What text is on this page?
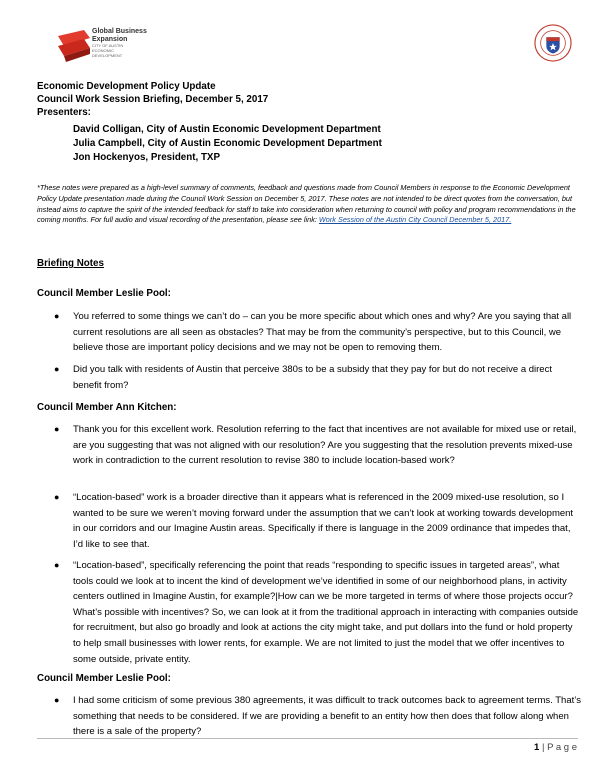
Global Business
Expansion
CITY OF AUSTIN
ECONOMIC
DEVELOPMENT
Economic Development Policy Update
Council Work Session Briefing, December 5, 2017
Presenters:
David Colligan, City of Austin Economic Development Department
Julia Campbell, City of Austin Economic Development Department
Jon Hockenyos, President, TXP
*These notes were prepared as a high-level summary of comments, feedback and questions made from Council Members in response to the Economic Development Policy Update presentation made during the Council Work Session on December 5, 2017. These notes are not intended to be direct quotes from the conversation, but instead aims to capture the spirit of the intended feedback for staff to take into consideration when returning to council with policy and program recommendations in the coming months. For full audio and visual recording of the presentation, please see link: Work Session of the Austin City Council December 5, 2017.
Briefing Notes
Council Member Leslie Pool:
● You referred to some things we can’t do – can you be more specific about which ones and why? Are you saying that all current resolutions are all seen as obstacles? That may be from the community’s perspective, but to this Council, we believe those are important policy decisions and we may not be open to removing them.
● Did you talk with residents of Austin that perceive 380s to be a subsidy that they pay for but do not receive a direct benefit from?
Council Member Ann Kitchen:
● Thank you for this excellent work. Resolution referring to the fact that incentives are not available for mixed use or retail, are you suggesting that was not aligned with our resolution? Are you suggesting that the resolution prevents mixed-use work in contradiction to the current resolution to revise 380 to include location-based work?
● “Location-based” work is a broader directive than it appears what is referenced in the 2009 mixed-use resolution, so I wanted to be sure we weren’t moving forward under the assumption that we can’t look at working towards development in our corridors and our Imagine Austin areas. Specifically if there is language in the 2009 ordinance that impedes that, I’d like to see that.
● “Location-based”, specifically referencing the point that reads “responding to specific issues in targeted areas”, what tools could we look at to incent the kind of development we’ve identified in some of our neighborhood plans, in activity centers outlined in Imagine Austin, for example?|How can we be more targeted in terms of where those projects occur? What’s possible with incentives? So, we can look at it from the traditional approach in interacting with companies outside for recruitment, but also go broadly and look at actions the city might take, and put dollars into the fund or hold property to help small businesses with lower rents, for example. We are not limited to just the model that we offer incentives to some outside, private entity.
Council Member Leslie Pool:
● I had some criticism of some previous 380 agreements, it was difficult to track outcomes back to agreement terms. That’s something that needs to be considered. If we are providing a benefit to an entity how then does that follow along when there is a sale of the property?
1 | P a g e
